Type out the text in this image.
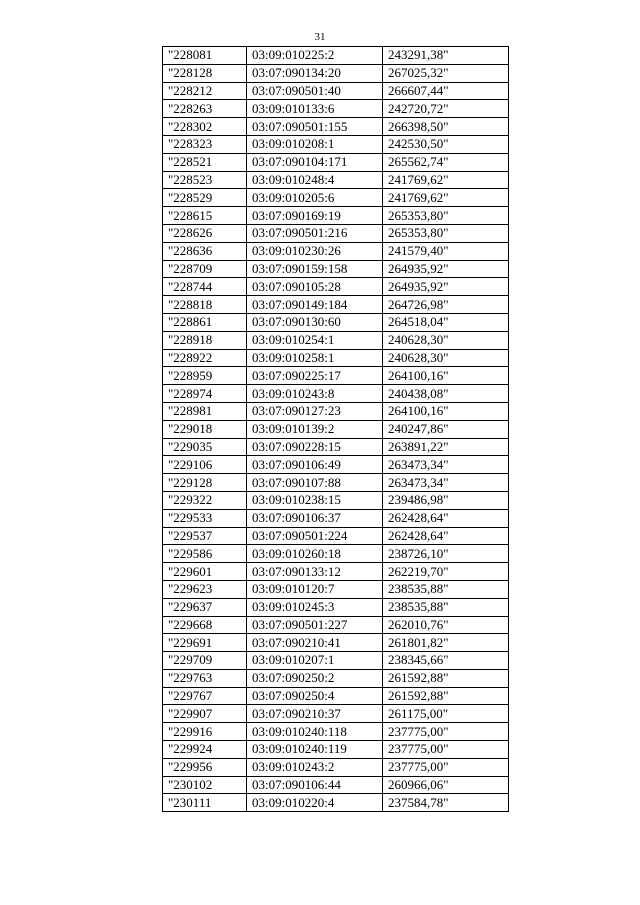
31
"228081	03:09:010225:2	243291,38"
"228128	03:07:090134:20	267025,32"
"228212	03:07:090501:40	266607,44"
"228263	03:09:010133:6	242720,72"
"228302	03:07:090501:155	266398,50"
"228323	03:09:010208:1	242530,50"
"228521	03:07:090104:171	265562,74"
"228523	03:09:010248:4	241769,62"
"228529	03:09:010205:6	241769,62"
"228615	03:07:090169:19	265353,80"
"228626	03:07:090501:216	265353,80"
"228636	03:09:010230:26	241579,40"
"228709	03:07:090159:158	264935,92"
"228744	03:07:090105:28	264935,92"
"228818	03:07:090149:184	264726,98"
"228861	03:07:090130:60	264518,04"
"228918	03:09:010254:1	240628,30"
"228922	03:09:010258:1	240628,30"
"228959	03:07:090225:17	264100,16"
"228974	03:09:010243:8	240438,08"
"228981	03:07:090127:23	264100,16"
"229018	03:09:010139:2	240247,86"
"229035	03:07:090228:15	263891,22"
"229106	03:07:090106:49	263473,34"
"229128	03:07:090107:88	263473,34"
"229322	03:09:010238:15	239486,98"
"229533	03:07:090106:37	262428,64"
"229537	03:07:090501:224	262428,64"
"229586	03:09:010260:18	238726,10"
"229601	03:07:090133:12	262219,70"
"229623	03:09:010120:7	238535,88"
"229637	03:09:010245:3	238535,88"
"229668	03:07:090501:227	262010,76"
"229691	03:07:090210:41	261801,82"
"229709	03:09:010207:1	238345,66"
"229763	03:07:090250:2	261592,88"
"229767	03:07:090250:4	261592,88"
"229907	03:07:090210:37	261175,00"
"229916	03:09:010240:118	237775,00"
"229924	03:09:010240:119	237775,00"
"229956	03:09:010243:2	237775,00"
"230102	03:07:090106:44	260966,06"
"230111	03:09:010220:4	237584,78"
